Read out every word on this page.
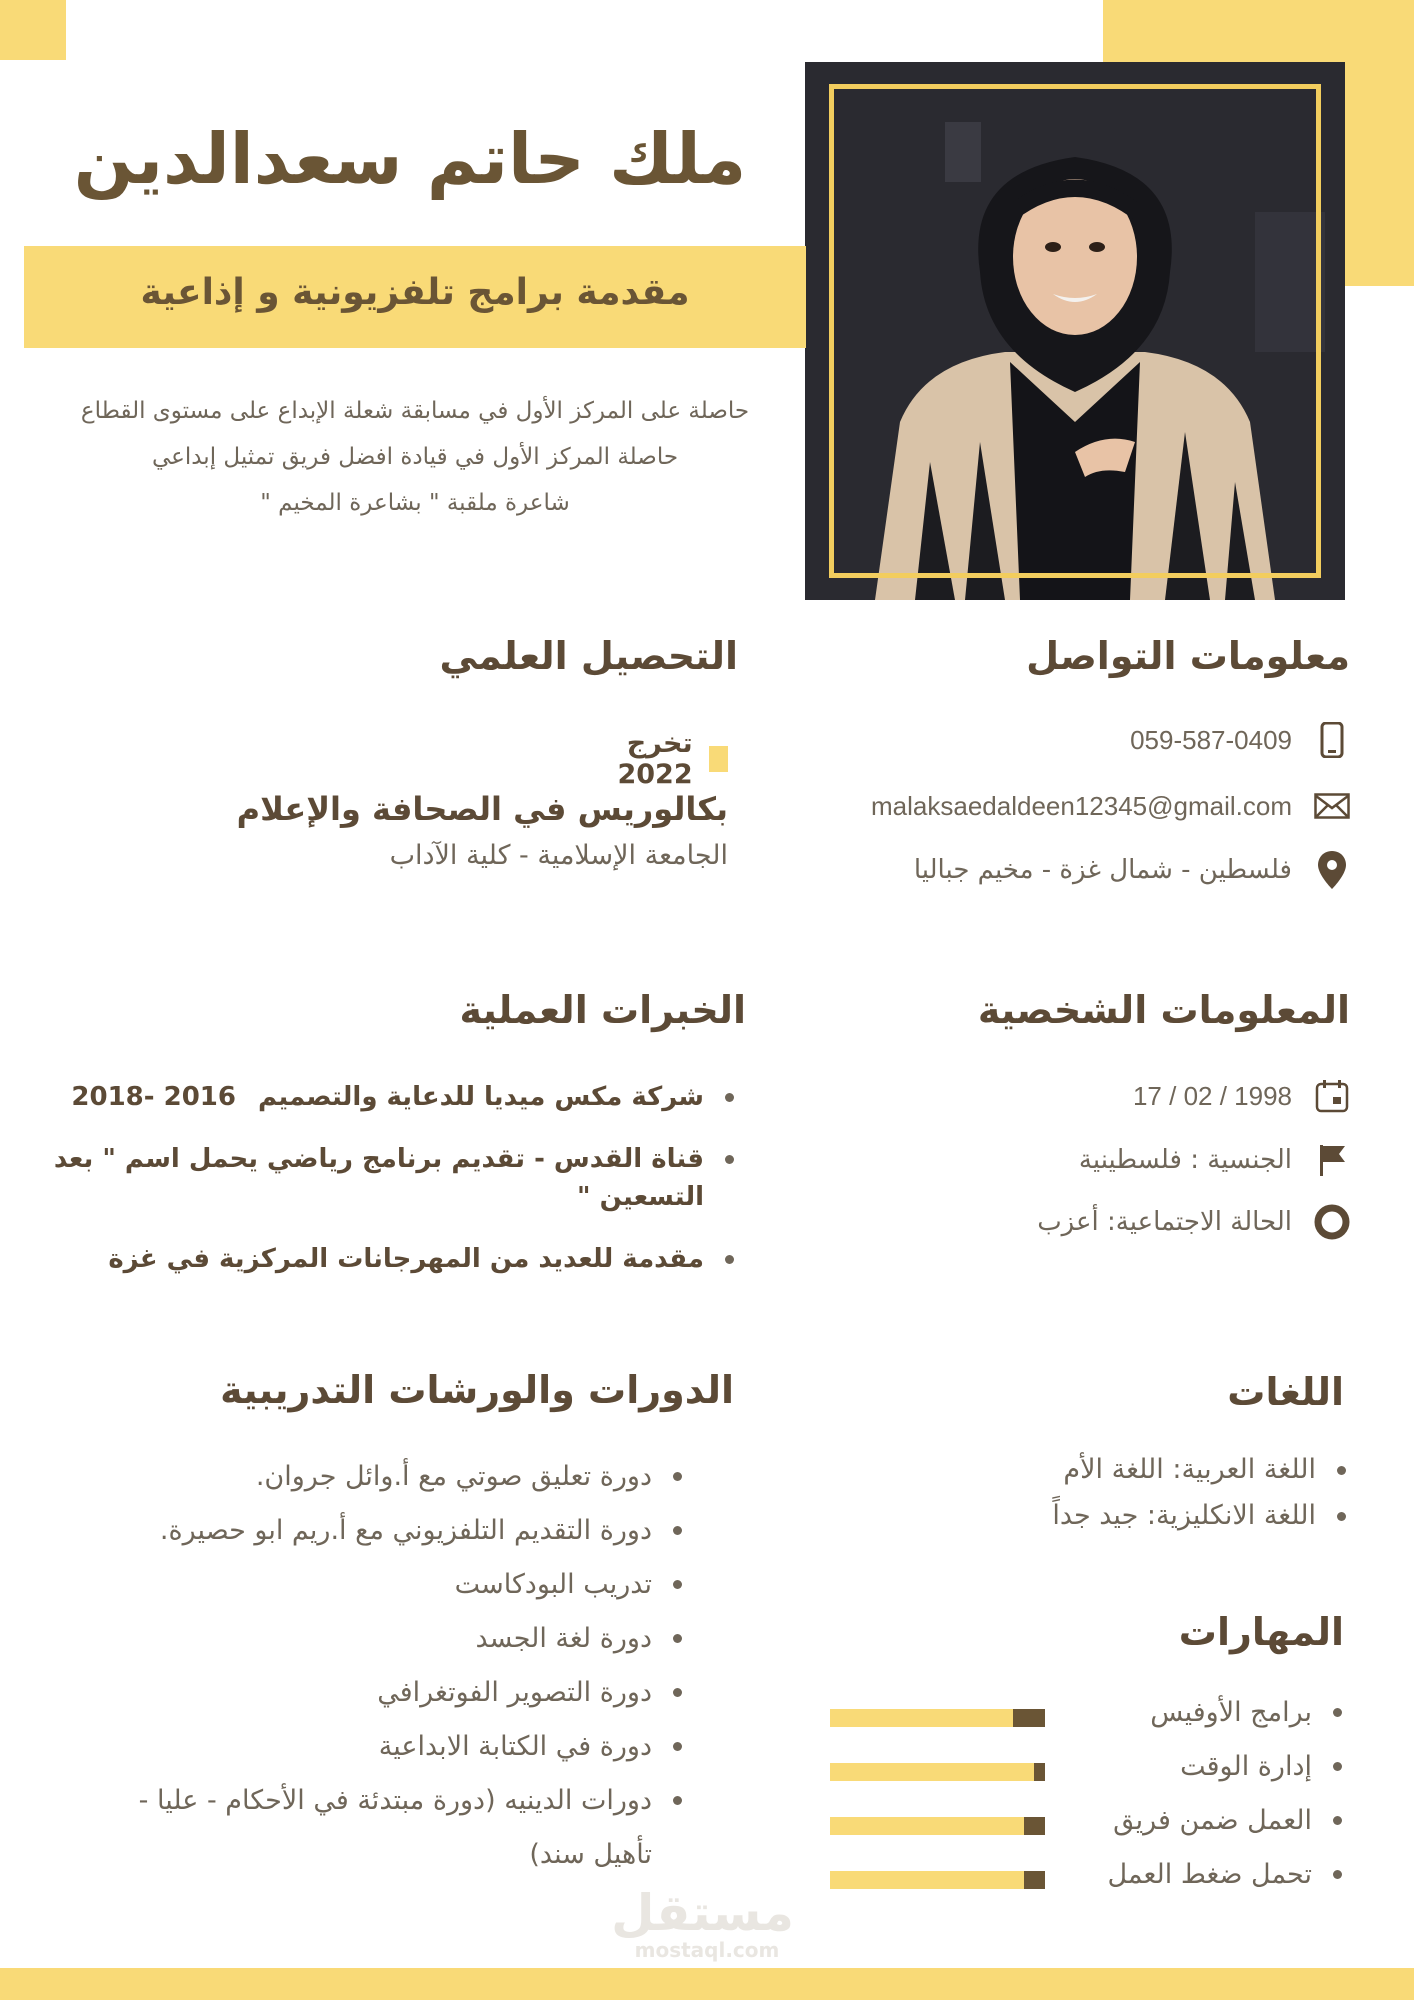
ملك حاتم سعدالدين
مقدمة برامج تلفزيونية و إذاعية
حاصلة على المركز الأول في مسابقة شعلة الإبداع على مستوى القطاع
حاصلة المركز الأول في قيادة افضل فريق تمثيل إبداعي
شاعرة ملقبة " بشاعرة المخيم "
معلومات التواصل
059-587-0409
malaksaedaldeen12345@gmail.com
فلسطين - شمال غزة - مخيم جباليا
التحصيل العلمي
تخرج 2022
بكالوريس في الصحافة والإعلام
الجامعة الإسلامية - كلية الآداب
المعلومات الشخصية
1998 / 02 / 17
الجنسية : فلسطينية
الحالة الاجتماعية: أعزب
الخبرات العملية
شركة مكس ميديا للدعاية والتصميم2016 -2018
قناة القدس - تقديم برنامج رياضي يحمل اسم " بعد التسعين "
مقدمة للعديد من المهرجانات المركزية في غزة
الدورات والورشات التدريبية
دورة تعليق صوتي مع أ.وائل جروان.
دورة التقديم التلفزيوني مع أ.ريم ابو حصيرة.
تدريب البودكاست
دورة لغة الجسد
دورة التصوير الفوتغرافي
دورة في الكتابة الابداعية
دورات الدينيه (دورة مبتدئة في الأحكام - عليا - تأهيل سند)
اللغات
اللغة العربية: اللغة الأم
اللغة الانكليزية: جيد جداً
المهارات
برامج الأوفيس
إدارة الوقت
العمل ضمن فريق
تحمل ضغط العمل
مستقل
mostaql.com
